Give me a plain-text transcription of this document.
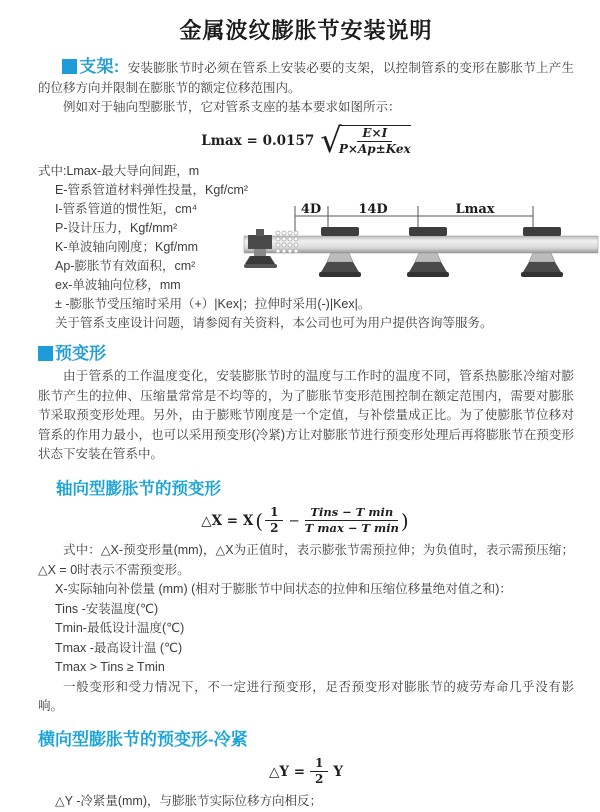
金属波纹膨胀节安装说明

支架: 安装膨胀节时必须在管系上安装必要的支架，以控制管系的变形在膨胀节上产生的位移方向并限制在膨胀节的额定位移范围内。

例如对于轴向型膨胀节，它对管系支座的基本要求如图所示：

Lmax = 0.0157 √
$\frac{E\times I}{\text{P×Ap±Kex}}$
式中:Lmax-最大导向间距，m
E-管系管道材料弹性投量，Kgf/cm²
I-管系管道的惯性矩，cm⁴
P-设计压力，Kgf/mm²
K-单波轴向刚度；Kgf/mm
Ap-膨胀节有效面积，cm²
ex-单波轴向位移，mm
4D	14D	Lmax
± -膨胀节受压缩时采用（+）|Kex|；拉伸时采用(-)|Kex|。
关于管系支座设计问题，请参阅有关资料，本公司也可为用户提供咨询等服务。
预变形

由于管系的工作温度变化，安装膨胀节时的温度与工作时的温度不同，管系热膨胀冷缩对膨胀节产生的拉伸、压缩量常常是不均等的，为了膨胀节变形范围控制在额定范围内，需要对膨胀节采取预变形处理。另外，由于膨账节刚度是一个定值，与补偿量成正比。为了使膨胀节位移对管系的作用力最小，也可以采用预变形(冷紧)方让对膨胀节进行预变形处理后再将膨胀节在预变形状态下安装在管系中。

轴向型膨胀节的预变形
△X = X ( $\frac{1}{2} - \frac{\text{Tins − T min}}{\text{T max − T min}}$ )

式中：△X-预变形量(mm)，△X为正值时，表示膨张节需预拉伸；为负值时，表示需预压缩；△X = 0时表示不需预变形。

X-实际轴向补偿量 (mm) (相对于膨胀节中间状态的拉伸和压缩位移量绝对值之和)：
Tins -安装温度(℃)
Tmin-最低设计温度(℃)
Tmax -最高设计温 (℃)
Tmax > Tins ≥ Tmin

一般变形和受力情况下，不一定进行预变形，足否预变形对膨胀节的疲劳寿命几乎没有影响。

横向型膨胀节的预变形-冷紧
△Y = $\frac{1}{2}$ Y
△Y -冷紧量(mm)，与膨胀节实际位移方向相反；
